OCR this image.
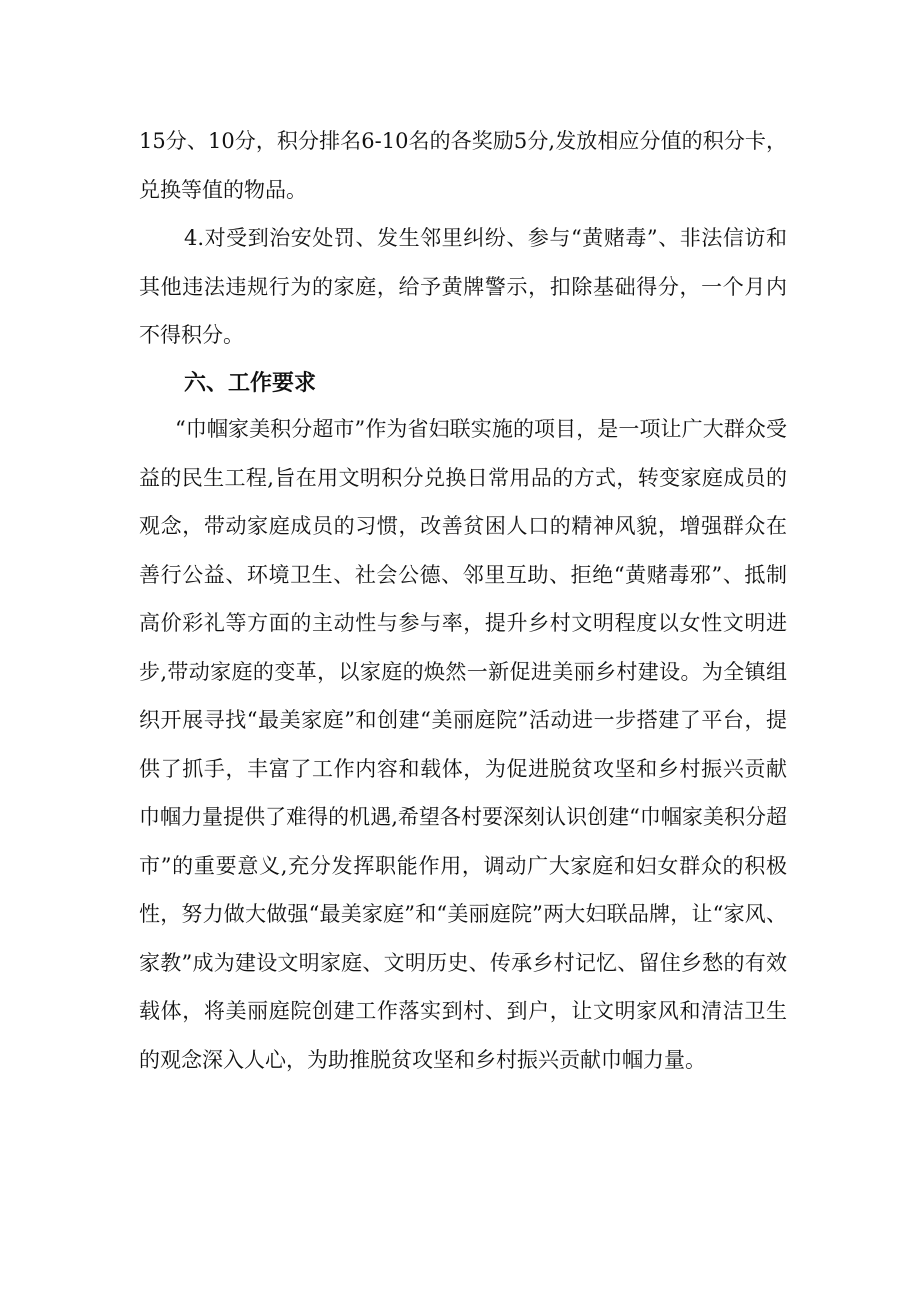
15分、10分，积分排名6-10名的各奖励5分,发放相应分值的积分卡，兑换等值的物品。

4.对受到治安处罚、发生邻里纠纷、参与“黄赌毒”、非法信访和其他违法违规行为的家庭，给予黄牌警示，扣除基础得分，一个月内不得积分。

六、工作要求

“巾帼家美积分超市”作为省妇联实施的项目，是一项让广大群众受益的民生工程,旨在用文明积分兑换日常用品的方式，转变家庭成员的观念，带动家庭成员的习惯，改善贫困人口的精神风貌，增强群众在善行公益、环境卫生、社会公德、邻里互助、拒绝“黄赌毒邪”、抵制高价彩礼等方面的主动性与参与率，提升乡村文明程度以女性文明进步,带动家庭的变革，以家庭的焕然一新促进美丽乡村建设。为全镇组织开展寻找“最美家庭”和创建“美丽庭院”活动进一步搭建了平台，提供了抓手，丰富了工作内容和载体，为促进脱贫攻坚和乡村振兴贡献巾帼力量提供了难得的机遇,希望各村要深刻认识创建“巾帼家美积分超市”的重要意义,充分发挥职能作用，调动广大家庭和妇女群众的积极性，努力做大做强“最美家庭”和“美丽庭院”两大妇联品牌，让“家风、家教”成为建设文明家庭、文明历史、传承乡村记忆、留住乡愁的有效载体，将美丽庭院创建工作落实到村、到户，让文明家风和清洁卫生的观念深入人心，为助推脱贫攻坚和乡村振兴贡献巾帼力量。
